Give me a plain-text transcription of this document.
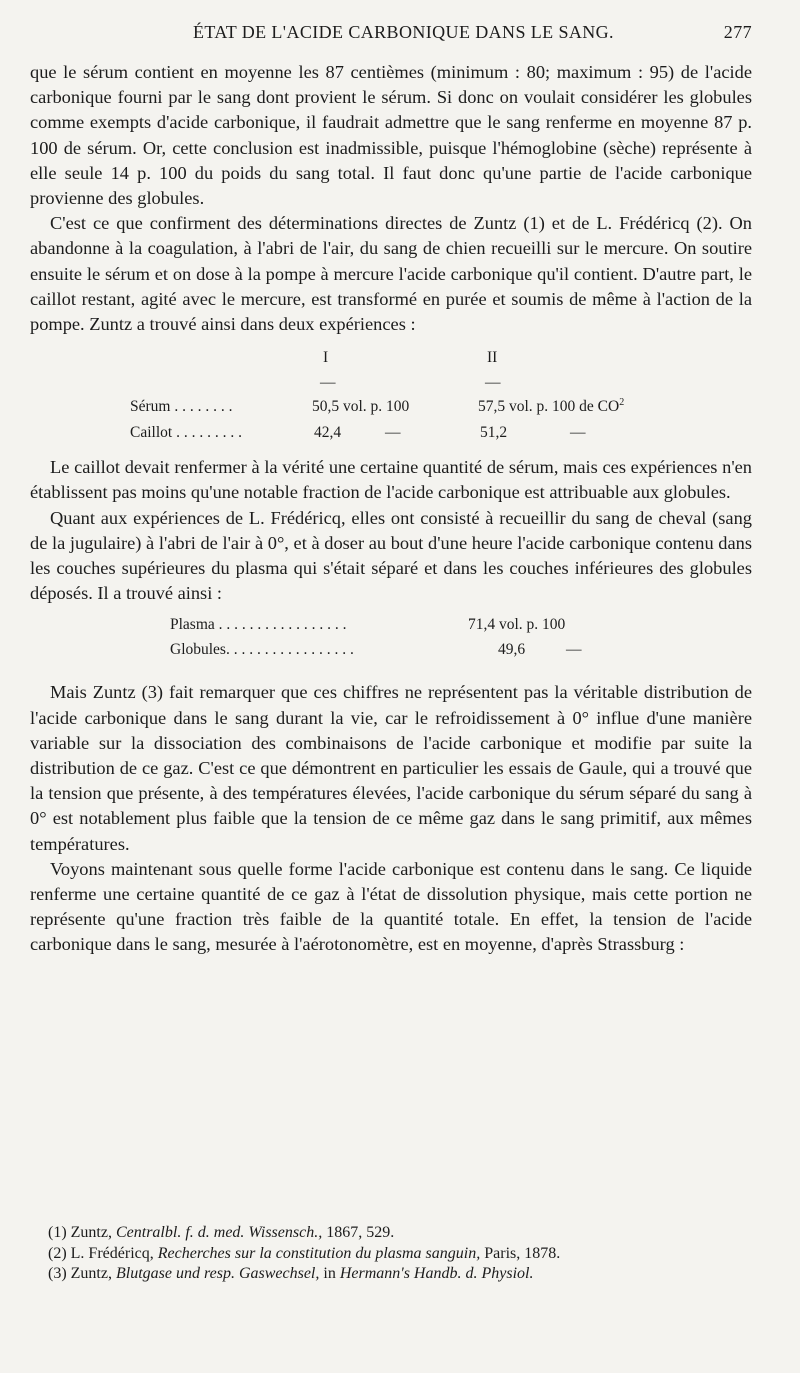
ÉTAT DE L'ACIDE CARBONIQUE DANS LE SANG.	277

que le sérum contient en moyenne les 87 centièmes (minimum : 80; maximum : 95) de l'acide carbonique fourni par le sang dont provient le sérum. Si donc on voulait considérer les globules comme exempts d'acide carbonique, il faudrait admettre que le sang renferme en moyenne 87 p. 100 de sérum. Or, cette conclusion est inadmissible, puisque l'hémoglobine (sèche) représente à elle seule 14 p. 100 du poids du sang total. Il faut donc qu'une partie de l'acide carbonique provienne des globules.

C'est ce que confirment des déterminations directes de Zuntz (1) et de L. Frédéricq (2). On abandonne à la coagulation, à l'abri de l'air, du sang de chien recueilli sur le mercure. On soutire ensuite le sérum et on dose à la pompe à mercure l'acide carbonique qu'il contient. D'autre part, le caillot restant, agité avec le mercure, est transformé en purée et soumis de même à l'action de la pompe. Zuntz a trouvé ainsi dans deux expériences :

I	II
—	—
Sérum . . . . . . . .	50,5 vol. p. 100	57,5 vol. p. 100 de $CO^2$
Caillot . . . . . . . . .	42,4	—	51,2	—

Le caillot devait renfermer à la vérité une certaine quantité de sérum, mais ces expériences n'en établissent pas moins qu'une notable fraction de l'acide carbonique est attribuable aux globules.

Quant aux expériences de L. Frédéricq, elles ont consisté à recueillir du sang de cheval (sang de la jugulaire) à l'abri de l'air à 0°, et à doser au bout d'une heure l'acide carbonique contenu dans les couches supérieures du plasma qui s'était séparé et dans les couches inférieures des globules déposés. Il a trouvé ainsi :

Plasma . . . . . . . . . . . . . . . . .	71,4 vol. p. 100
Globules. . . . . . . . . . . . . . . . .	49,6	—

Mais Zuntz (3) fait remarquer que ces chiffres ne représentent pas la véritable distribution de l'acide carbonique dans le sang durant la vie, car le refroidissement à 0° influe d'une manière variable sur la dissociation des combinaisons de l'acide carbonique et modifie par suite la distribution de ce gaz. C'est ce que démontrent en particulier les essais de Gaule, qui a trouvé que la tension que présente, à des températures élevées, l'acide carbonique du sérum séparé du sang à 0° est notablement plus faible que la tension de ce même gaz dans le sang primitif, aux mêmes températures.

Voyons maintenant sous quelle forme l'acide carbonique est contenu dans le sang. Ce liquide renferme une certaine quantité de ce gaz à l'état de dissolution physique, mais cette portion ne représente qu'une fraction très faible de la quantité totale. En effet, la tension de l'acide carbonique dans le sang, mesurée à l'aérotonomètre, est en moyenne, d'après Strassburg :

(1) Zuntz, Centralbl. f. d. med. Wissensch., 1867, 529.
(2) L. Frédéricq, Recherches sur la constitution du plasma sanguin, Paris, 1878.
(3) Zuntz, Blutgase und resp. Gaswechsel, in Hermann's Handb. d. Physiol.
